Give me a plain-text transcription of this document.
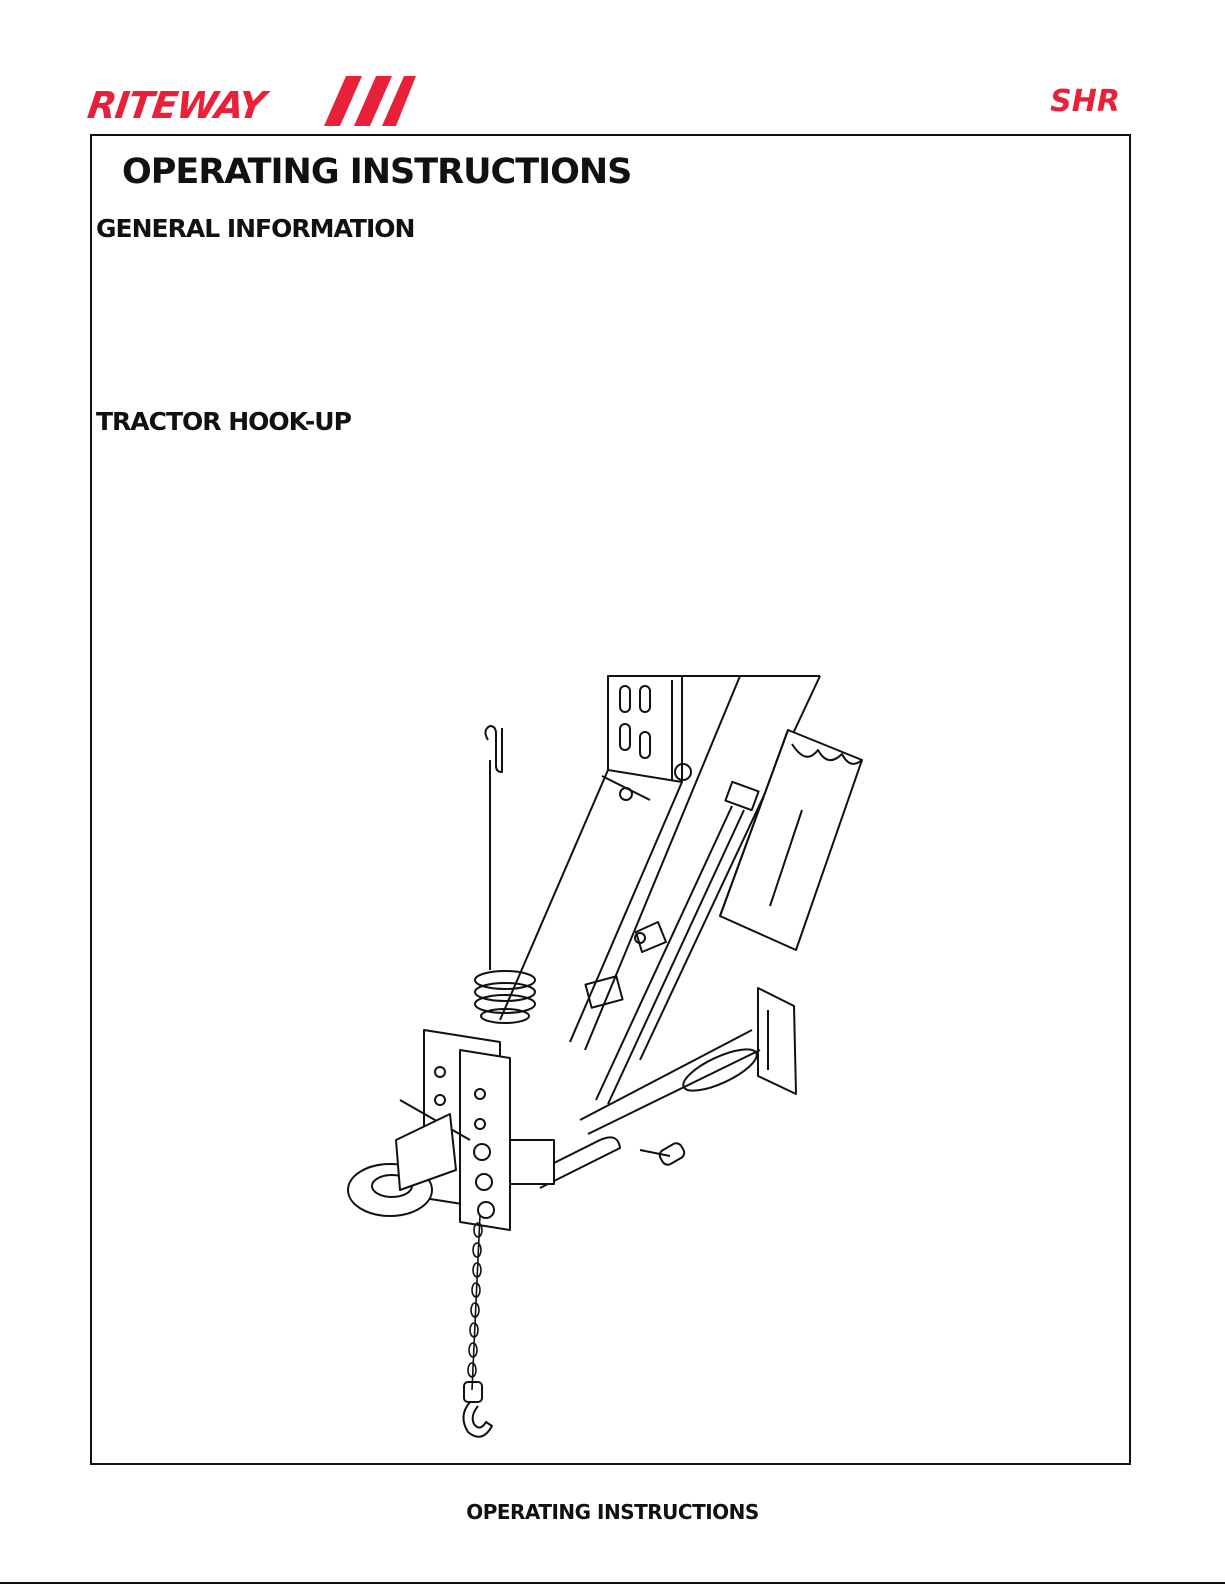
RITEWAY	SHR
OPERATING INSTRUCTIONS
GENERAL INFORMATION
TRACTOR HOOK-UP
OPERATING INSTRUCTIONS
